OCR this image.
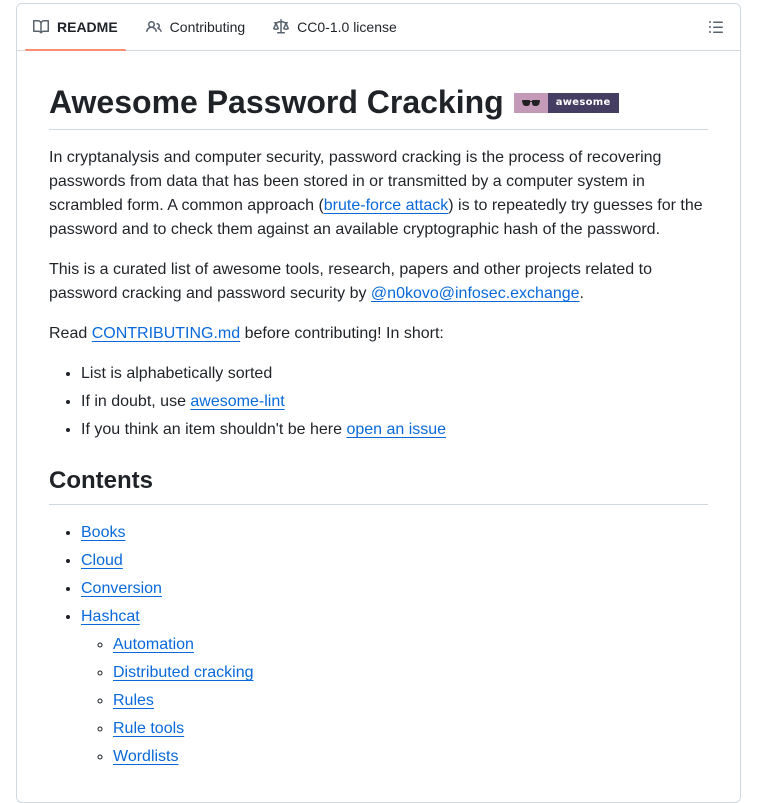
README	Contributing	CC0-1.0 license
Awesome Password Cracking	awesome

In cryptanalysis and computer security, password cracking is the process of recovering passwords from data that has been stored in or transmitted by a computer system in scrambled form. A common approach (brute-force attack) is to repeatedly try guesses for the password and to check them against an available cryptographic hash of the password.

This is a curated list of awesome tools, research, papers and other projects related to password cracking and password security by @n0kovo@infosec.exchange.

Read CONTRIBUTING.md before contributing! In short:

• List is alphabetically sorted
• If in doubt, use awesome-lint
• If you think an item shouldn't be here open an issue
Contents
• Books
• Cloud
• Conversion
• Hashcat
◦ Automation
◦ Distributed cracking
◦ Rules
◦ Rule tools
◦ Wordlists
